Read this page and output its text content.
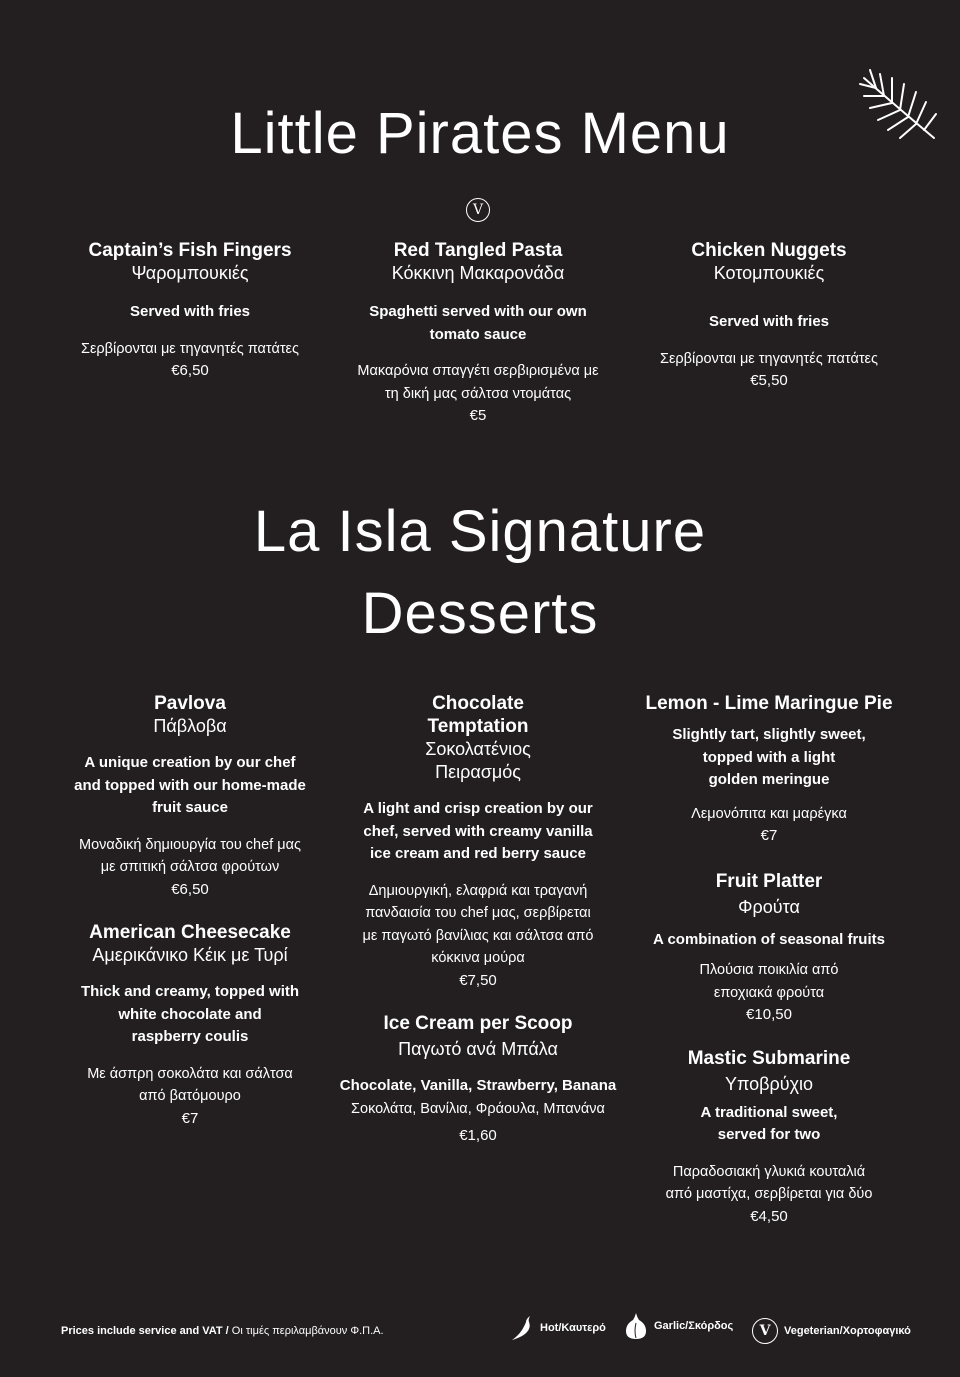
Little Pirates Menu
V
Captain’s Fish Fingers
Ψαρομπουκιές
Served with fries
Σερβίρονται με τηγανητές πατάτες
€6,50
Red Tangled Pasta
Κόκκινη Μακαρονάδα
Spaghetti served with our own
tomato sauce
Μακαρόνια σπαγγέτι σερβιρισμένα με
τη δική μας σάλτσα ντομάτας
€5
Chicken Nuggets
Κοτομπουκιές
Served with fries
Σερβίρονται με τηγανητές πατάτες
€5,50
La Isla Signature
Desserts
Pavlova
Πάβλοβα
A unique creation by our chef
and topped with our home-made
fruit sauce
Μοναδική δημιουργία του chef μας
με σπιτική σάλτσα φρούτων
€6,50
American Cheesecake
Αμερικάνικο Κέικ με Τυρί
Thick and creamy, topped with
white chocolate and
raspberry coulis
Με άσπρη σοκολάτα και σάλτσα
από βατόμουρο
€7
Chocolate
Temptation
Σοκολατένιος
Πειρασμός
A light and crisp creation by our
chef, served with creamy vanilla
ice cream and red berry sauce
Δημιουργική, ελαφριά και τραγανή
πανδαισία του chef μας, σερβίρεται
με παγωτό βανίλιας και σάλτσα από
κόκκινα μούρα
€7,50
Ice Cream per Scoop
Παγωτό ανά Μπάλα
Chocolate, Vanilla, Strawberry, Banana
Σοκολάτα, Βανίλια, Φράουλα, Μπανάνα
€1,60
Lemon - Lime Maringue Pie
Slightly tart, slightly sweet,
topped with a light
golden meringue
Λεμονόπιτα και μαρέγκα
€7
Fruit Platter
Φρούτα
A combination of seasonal fruits
Πλούσια ποικιλία από
εποχιακά φρούτα
€10,50
Mastic Submarine
Υποβρύχιο
A traditional sweet,
served for two
Παραδοσιακή γλυκιά κουταλιά
από μαστίχα, σερβίρεται για δύο
€4,50
Prices include service and VAT / Οι τιμές περιλαμβάνουν Φ.Π.Α.	Hot/Καυτερό	Garlic/Σκόρδος	V	Vegeterian/Χορτοφαγικό
